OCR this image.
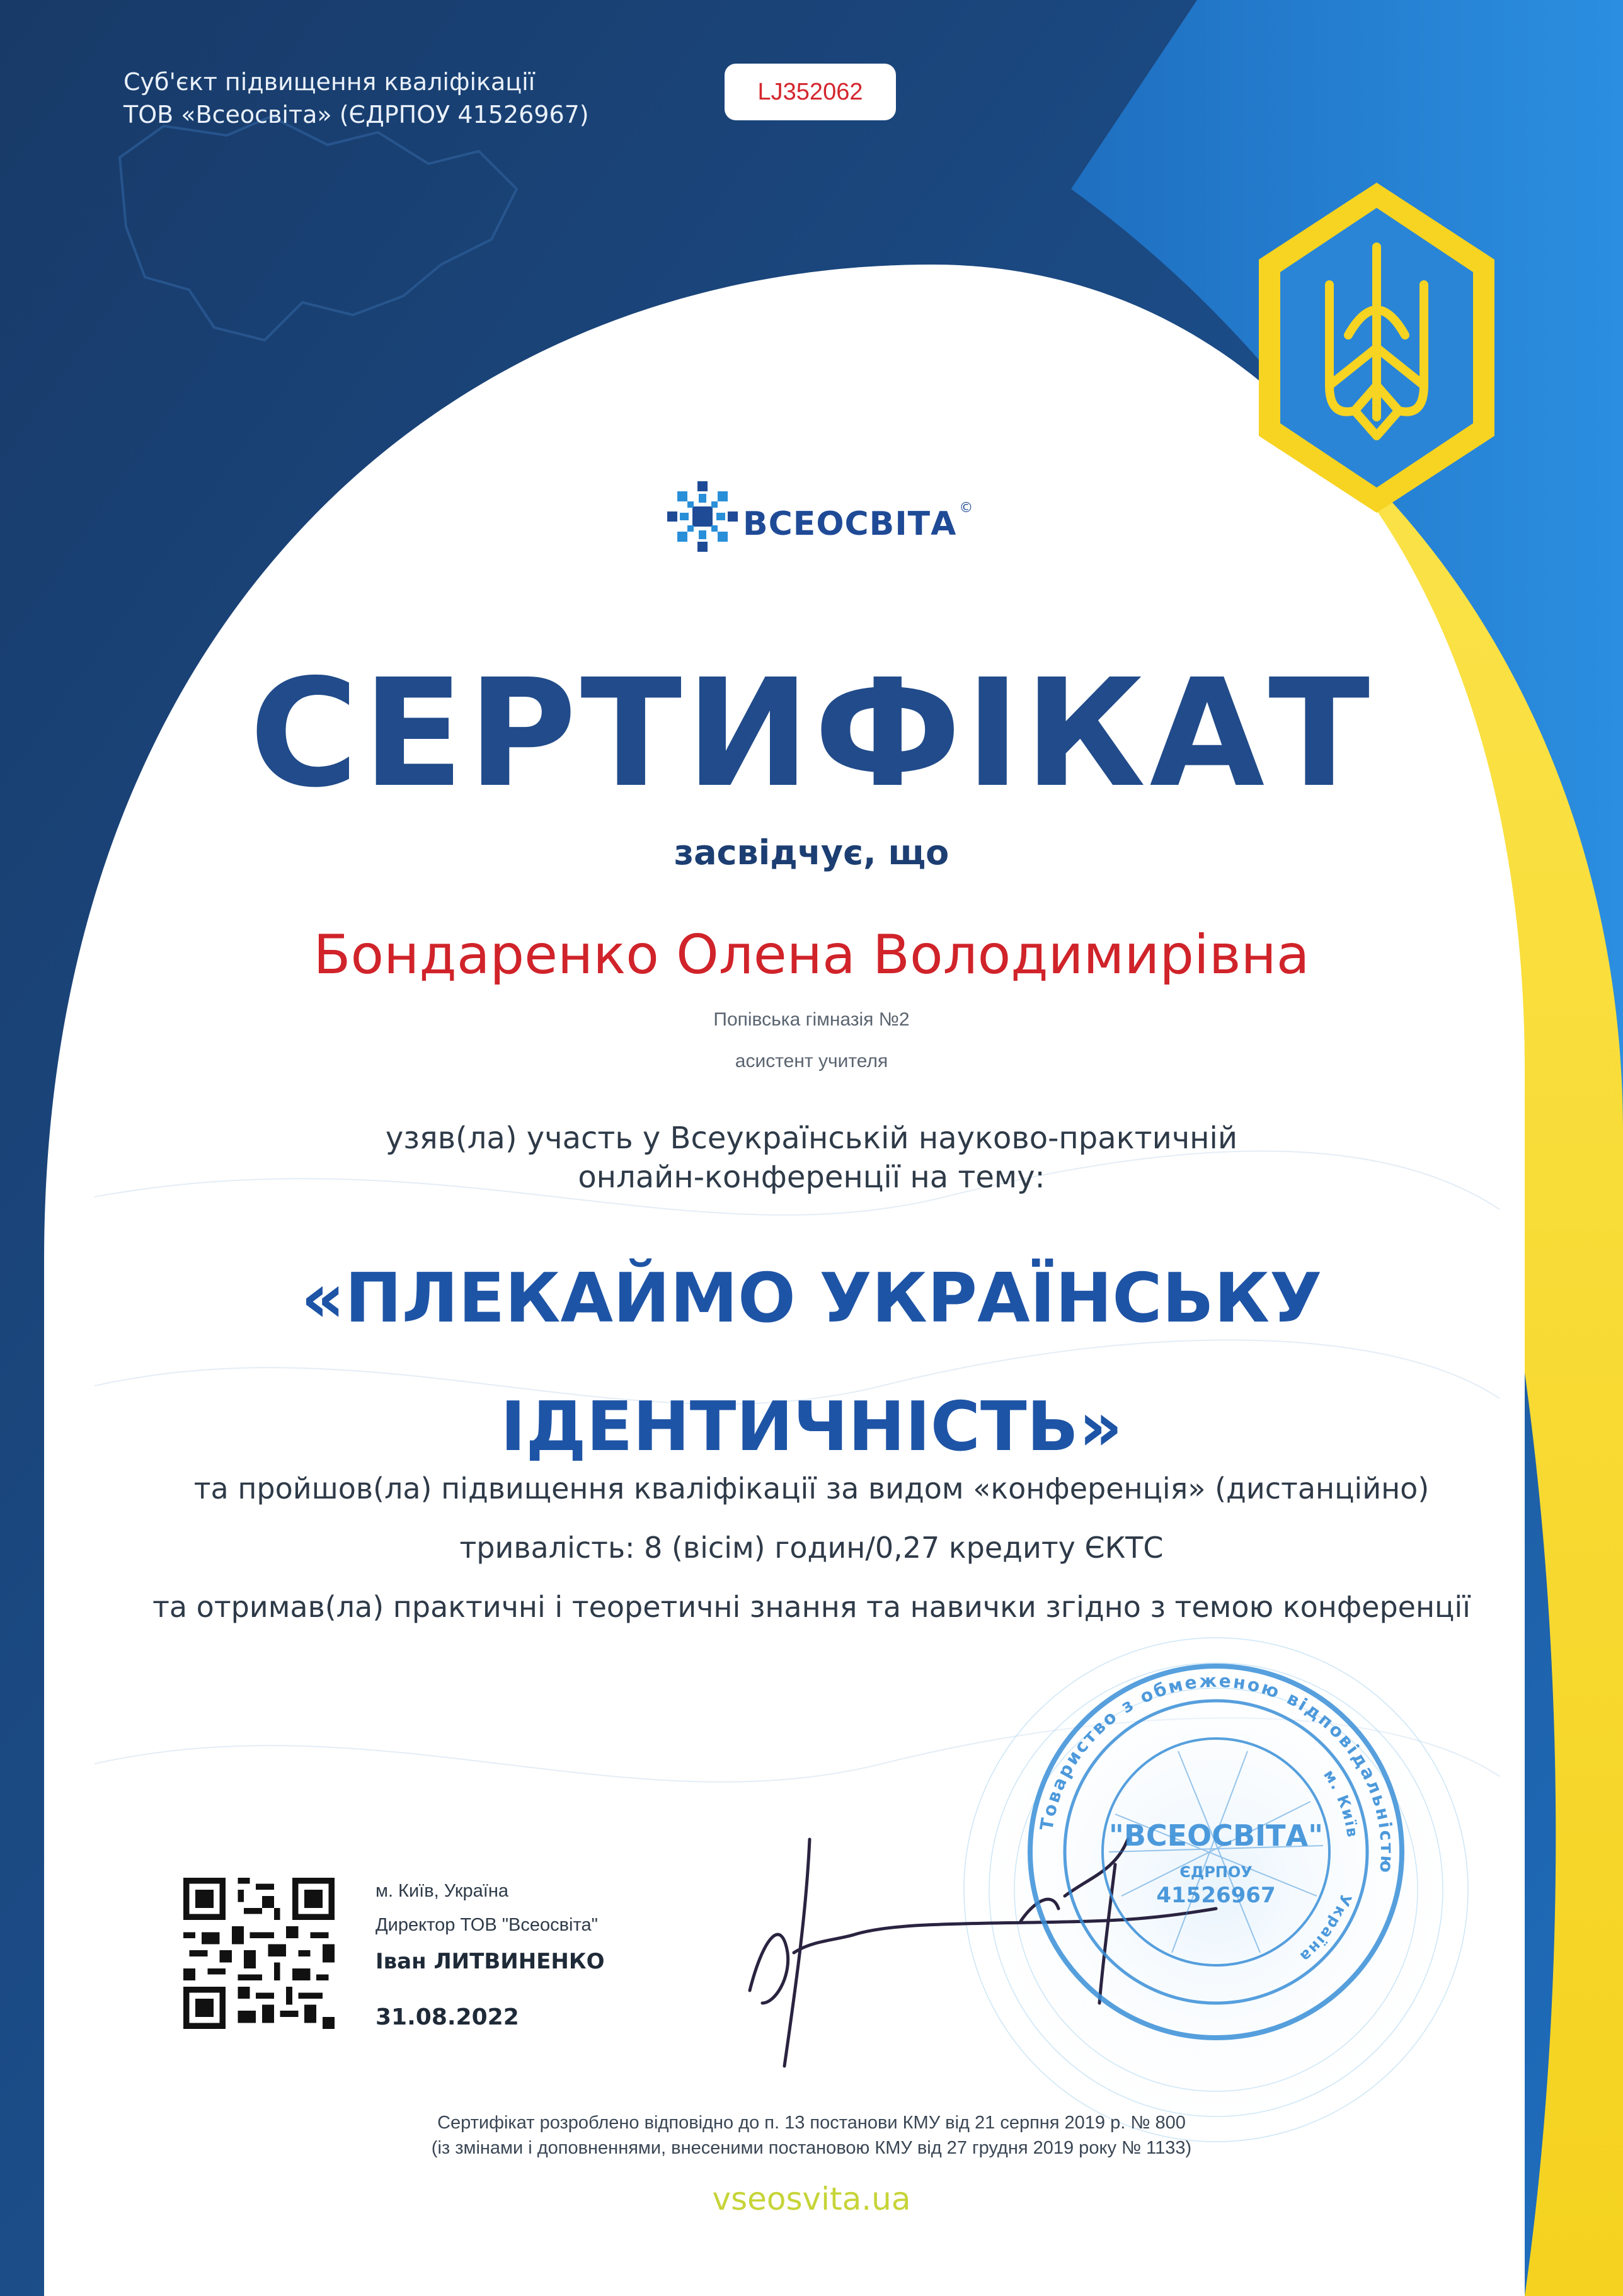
Суб'єкт підвищення кваліфікації
ТОВ «Всеосвіта» (ЄДРПОУ 41526967)
LJ352062
ВСЕОСВІТА ©
СЕРТИФІКАТ
засвідчує, що
Бондаренко Олена Володимирівна
Попівська гімназія №2
асистент учителя
узяв(ла) участь у Всеукраїнській науково-практичній
онлайн-конференції на тему:
«ПЛЕКАЙМО УКРАЇНСЬКУ
ІДЕНТИЧНІСТЬ»
та пройшов(ла) підвищення кваліфікації за видом «конференція» (дистанційно)
тривалість: 8 (вісім) годин/0,27 кредиту ЄКТС
та отримав(ла) практичні і теоретичні знання та навички згідно з темою конференції
м. Київ, Україна
Директор ТОВ "Всеосвіта"
Іван ЛИТВИНЕНКО
31.08.2022
Товариство з обмеженою відповідальністю
Україна
м. Київ
"ВСЕОСВІТА"
ЄДРПОУ
41526967
Сертифікат розроблено відповідно до п. 13 постанови КМУ від 21 серпня 2019 р. № 800
(із змінами і доповненнями, внесеними постановою КМУ від 27 грудня 2019 року № 1133)
vseosvita.ua
